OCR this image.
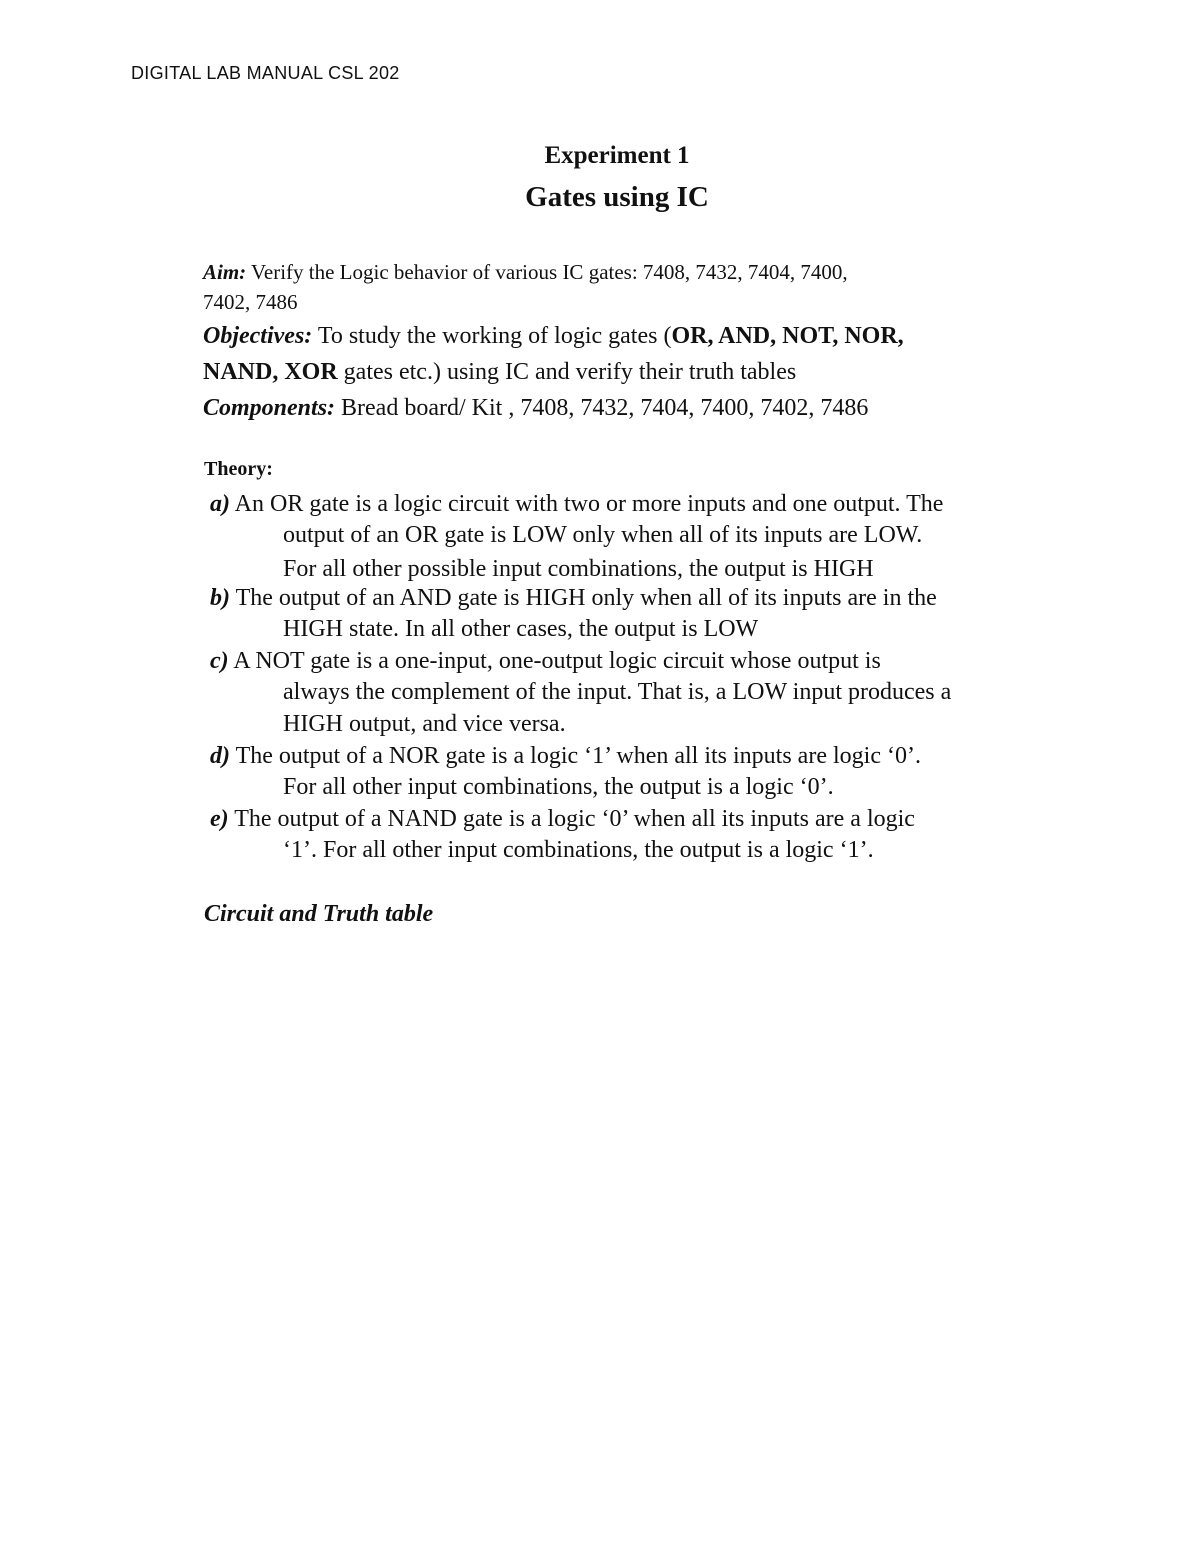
DIGITAL LAB MANUAL CSL 202
Experiment 1
Gates using IC
Aim: Verify the Logic behavior of various IC gates: 7408, 7432, 7404, 7400,
7402, 7486
Objectives: To study the working of logic gates (OR, AND, NOT, NOR,
NAND, XOR gates etc.) using IC and verify their truth tables
Components: Bread board/ Kit , 7408, 7432, 7404, 7400, 7402, 7486
Theory:
a) An OR gate is a logic circuit with two or more inputs and one output. The
output of an OR gate is LOW only when all of its inputs are LOW.
For all other possible input combinations, the output is HIGH
b) The output of an AND gate is HIGH only when all of its inputs are in the
HIGH state. In all other cases, the output is LOW
c) A NOT gate is a one-input, one-output logic circuit whose output is
always the complement of the input. That is, a LOW input produces a
HIGH output, and vice versa.
d) The output of a NOR gate is a logic ‘1’ when all its inputs are logic ‘0’.
For all other input combinations, the output is a logic ‘0’.
e) The output of a NAND gate is a logic ‘0’ when all its inputs are a logic
‘1’. For all other input combinations, the output is a logic ‘1’.
Circuit and Truth table
